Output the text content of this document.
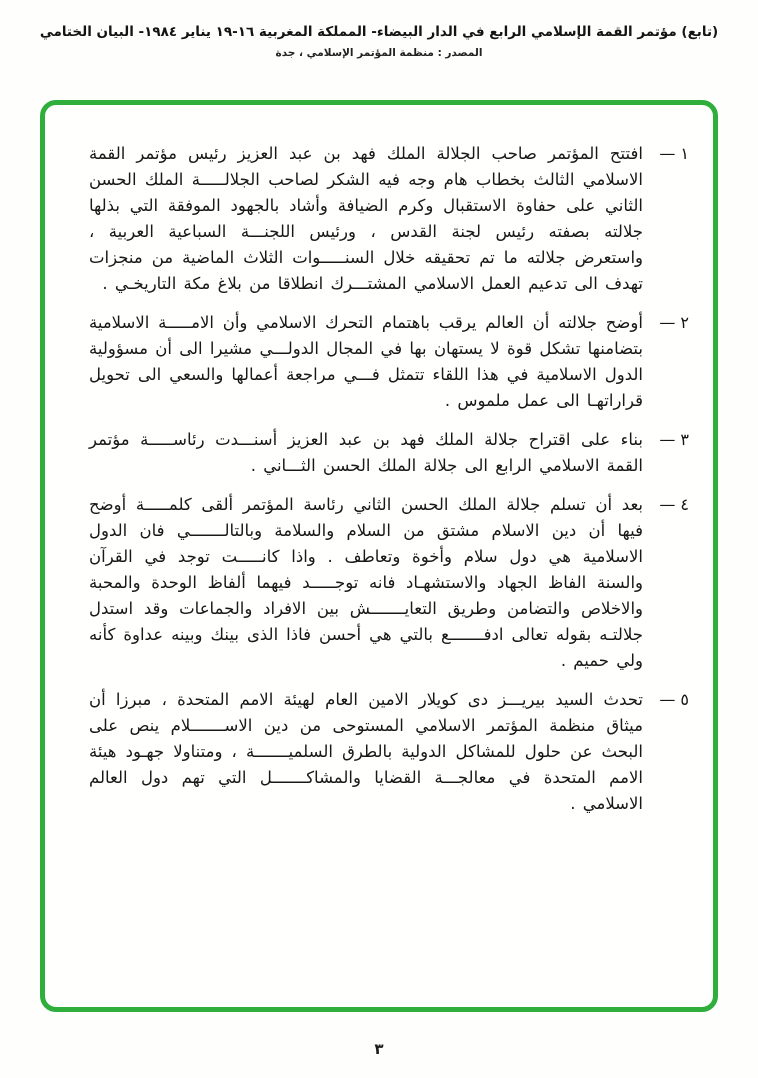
(تابع) مؤتمر القمة الإسلامي الرابع في الدار البيضاء- المملكة المغربية ١٦-١٩ يناير ١٩٨٤- البيان الختامي
المصدر : منظمة المؤتمر الإسلامي ، جدة
١ —
افتتح المؤتمر صاحب الجلالة الملك فهد بن عبد العزيز رئيس مؤتمر القمة الاسلامي الثالث بخطاب هام وجه فيه الشكر لصاحب الجلالـــــة الملك الحسن الثاني على حفاوة الاستقبال وكرم الضيافة وأشاد بالجهود الموفقة التي بذلها جلالته بصفته رئيس لجنة القدس ، ورئيس اللجنـــة السباعية العربية ، واستعرض جلالته ما تم تحقيقه خلال السنـــــوات الثلاث الماضية من منجزات تهدف الى تدعيم العمل الاسلامي المشتـــرك انطلاقا من بلاغ مكة التاريخـي .
٢ —
أوضح جلالته أن العالم يرقب باهتمام التحرك الاسلامي وأن الامـــــة الاسلامية بتضامنها تشكل قوة لا يستهان بها في المجال الدولـــي مشيرا الى أن مسؤولية الدول الاسلامية في هذا اللقاء تتمثل فـــي مراجعة أعمالها والسعي الى تحويل قراراتهـا الى عمل ملموس .
٣ —
بناء على اقتراح جلالة الملك فهد بن عبد العزيز أسنـــدت رئاســـــة مؤتمر القمة الاسلامي الرابع الى جلالة الملك الحسن الثـــاني .
٤ —
بعد أن تسلم جلالة الملك الحسن الثاني رئاسة المؤتمر ألقى كلمـــــة أوضح فيها أن دين الاسلام مشتق من السلام والسلامة وبالتالـــــــي فان الدول الاسلامية هي دول سلام وأخوة وتعاطف . واذا كانـــــت توجد في القرآن والسنة الفاظ الجهاد والاستشهـاد فانه توجـــــد فيهما ألفاظ الوحدة والمحبة والاخلاص والتضامن وطريق التعايـــــــش بين الافراد والجماعات وقد استدل جلالتـه بقوله تعالى ادفـــــــع بالتي هي أحسن فاذا الذى بينك وبينه عداوة كأنه ولي حميم .
٥ —
تحدث السيد بيريـــز دى كويلار الامين العام لهيئة الامم المتحدة ، مبرزا أن ميثاق منظمة المؤتمر الاسلامي المستوحى من دين الاســـــــلام ينص على البحث عن حلول للمشاكل الدولية بالطرق السلميـــــــة ، ومتناولا جهـود هيئة الامم المتحدة في معالجـــة القضايا والمشاكـــــــل التي تهم دول العالم الاسلامي .
٣
